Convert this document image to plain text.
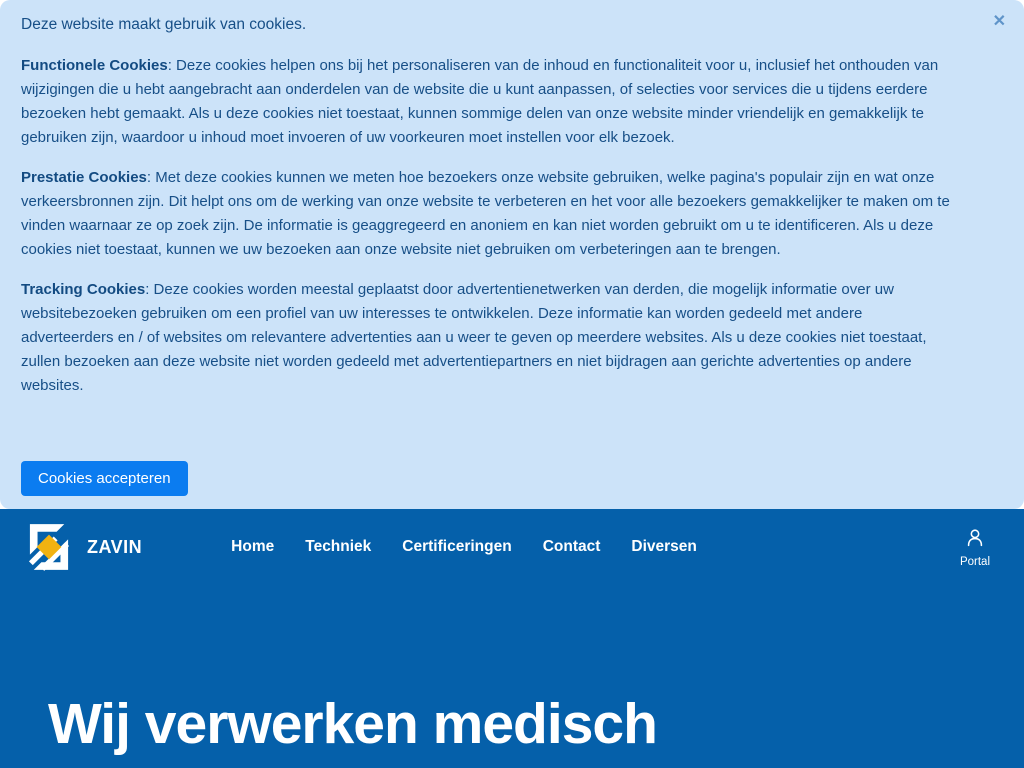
Deze website maakt gebruik van cookies.	✕

Functionele Cookies: Deze cookies helpen ons bij het personaliseren van de inhoud en functionaliteit voor u, inclusief het onthouden van wijzigingen die u hebt aangebracht aan onderdelen van de website die u kunt aanpassen, of selecties voor services die u tijdens eerdere bezoeken hebt gemaakt. Als u deze cookies niet toestaat, kunnen sommige delen van onze website minder vriendelijk en gemakkelijk te gebruiken zijn, waardoor u inhoud moet invoeren of uw voorkeuren moet instellen voor elk bezoek.

Prestatie Cookies: Met deze cookies kunnen we meten hoe bezoekers onze website gebruiken, welke pagina's populair zijn en wat onze verkeersbronnen zijn. Dit helpt ons om de werking van onze website te verbeteren en het voor alle bezoekers gemakkelijker te maken om te vinden waarnaar ze op zoek zijn. De informatie is geaggregeerd en anoniem en kan niet worden gebruikt om u te identificeren. Als u deze cookies niet toestaat, kunnen we uw bezoeken aan onze website niet gebruiken om verbeteringen aan te brengen.

Tracking Cookies: Deze cookies worden meestal geplaatst door advertentienetwerken van derden, die mogelijk informatie over uw websitebezoeken gebruiken om een profiel van uw interesses te ontwikkelen. Deze informatie kan worden gedeeld met andere adverteerders en / of websites om relevantere advertenties aan u weer te geven op meerdere websites. Als u deze cookies niet toestaat, zullen bezoeken aan deze website niet worden gedeeld met advertentiepartners en niet bijdragen aan gerichte advertenties op andere websites.

Cookies accepteren
ZAVIN	Home Techniek Certificeringen Contact Diversen
Portal
Wij verwerken medisch
